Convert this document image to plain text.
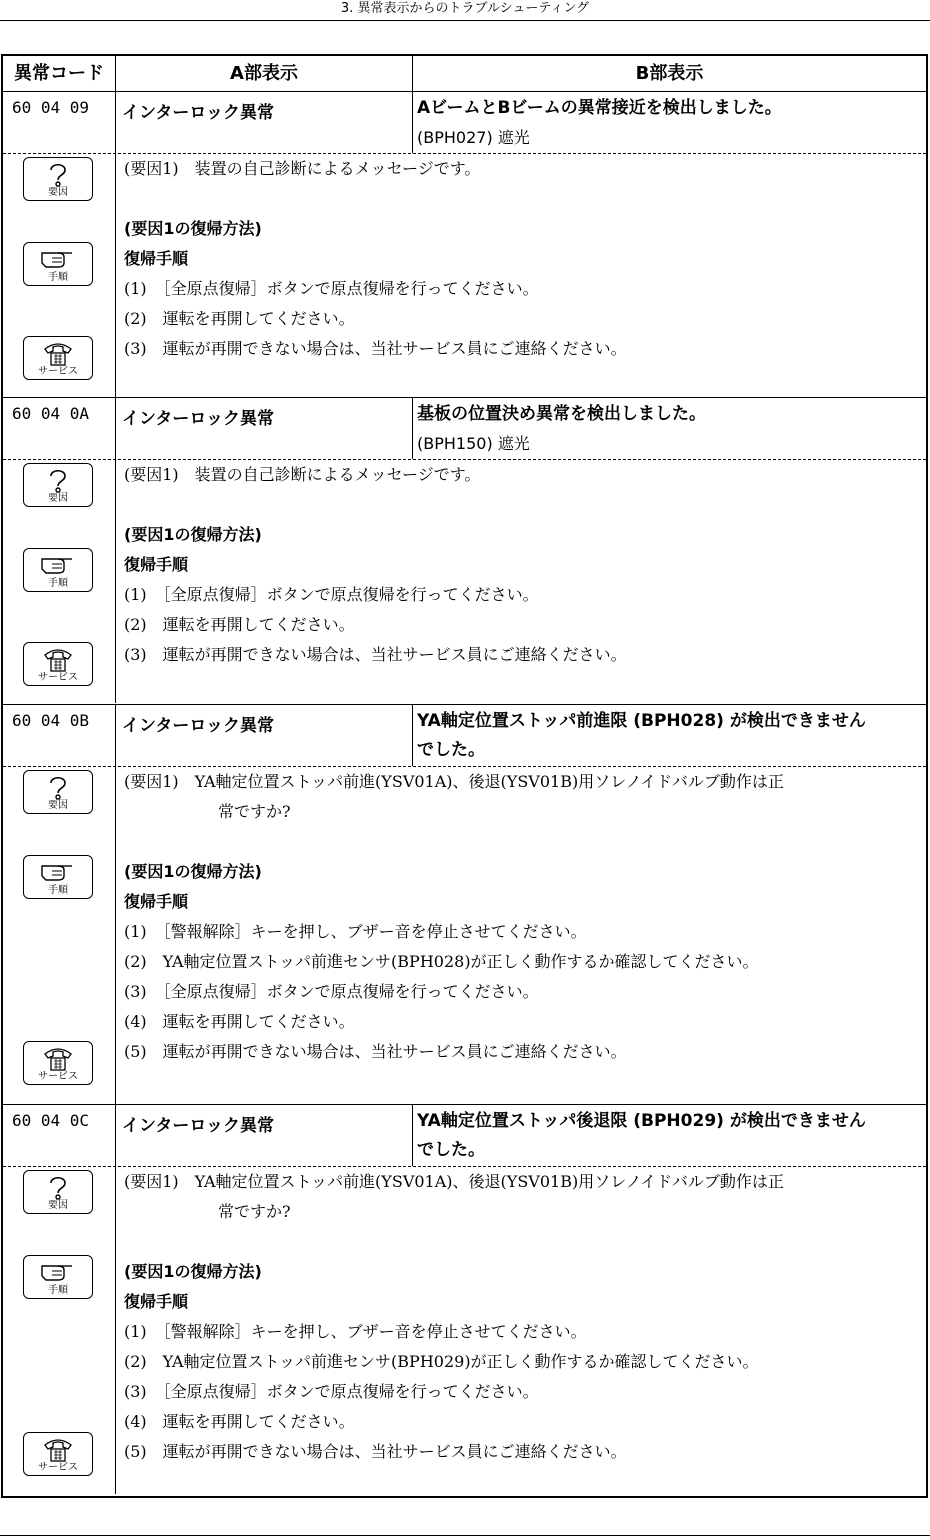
3. 異常表示からのトラブルシューティング
異常コード	A部表示	B部表示
60 04 09	インターロック異常	AビームとBビームの異常接近を検出しました。
(BPH027) 遮光
要因
手順
サービス
(要因1)　装置の自己診断によるメッセージです。
(要因1の復帰方法)
復帰手順
(1)　［全原点復帰］ボタンで原点復帰を行ってください。
(2)　運転を再開してください。
(3)　運転が再開できない場合は、当社サービス員にご連絡ください。
60 04 0A	インターロック異常	基板の位置決め異常を検出しました。
(BPH150) 遮光
要因
手順
サービス
(要因1)　装置の自己診断によるメッセージです。
(要因1の復帰方法)
復帰手順
(1)　［全原点復帰］ボタンで原点復帰を行ってください。
(2)　運転を再開してください。
(3)　運転が再開できない場合は、当社サービス員にご連絡ください。
60 04 0B	インターロック異常	YA軸定位置ストッパ前進限 (BPH028) が検出できません
でした。
要因
手順
サービス
(要因1)　YA軸定位置ストッパ前進(YSV01A)、後退(YSV01B)用ソレノイドバルブ動作は正
常ですか?
(要因1の復帰方法)
復帰手順
(1)　［警報解除］キーを押し、ブザー音を停止させてください。
(2)　YA軸定位置ストッパ前進センサ(BPH028)が正しく動作するか確認してください。
(3)　［全原点復帰］ボタンで原点復帰を行ってください。
(4)　運転を再開してください。
(5)　運転が再開できない場合は、当社サービス員にご連絡ください。
60 04 0C	インターロック異常	YA軸定位置ストッパ後退限 (BPH029) が検出できません
でした。
要因
手順
サービス
(要因1)　YA軸定位置ストッパ前進(YSV01A)、後退(YSV01B)用ソレノイドバルブ動作は正
常ですか?
(要因1の復帰方法)
復帰手順
(1)　［警報解除］キーを押し、ブザー音を停止させてください。
(2)　YA軸定位置ストッパ前進センサ(BPH029)が正しく動作するか確認してください。
(3)　［全原点復帰］ボタンで原点復帰を行ってください。
(4)　運転を再開してください。
(5)　運転が再開できない場合は、当社サービス員にご連絡ください。
